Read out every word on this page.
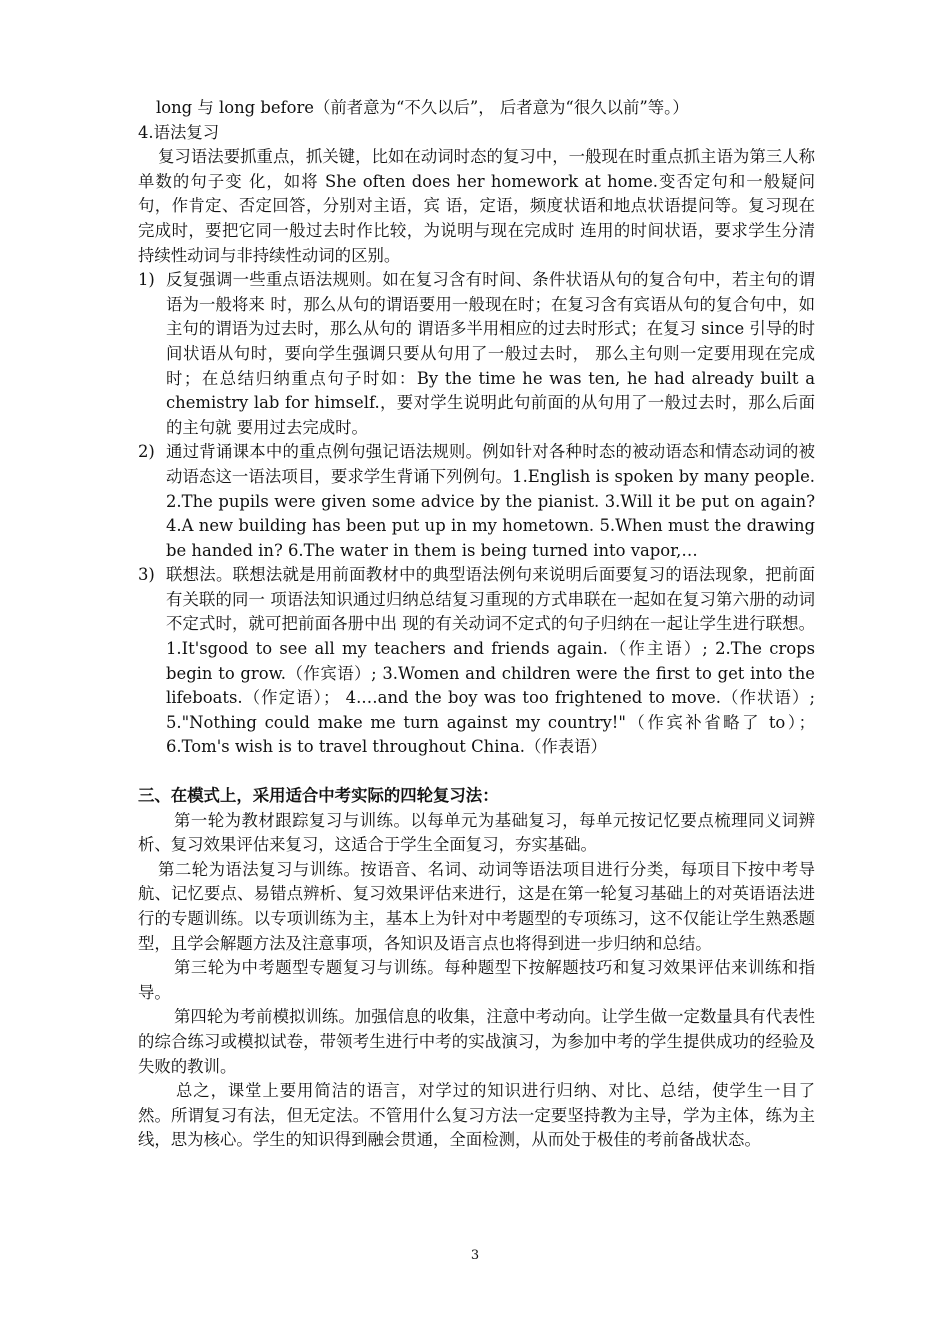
long 与 long before（前者意为“不久以后”， 后者意为“很久以前”等。）

4.语法复习

复习语法要抓重点，抓关键，比如在动词时态的复习中，一般现在时重点抓主语为第三人称单数的句子变 化，如将 She often does her homework at home.变否定句和一般疑问句，作肯定、否定回答，分别对主语，宾 语，定语，频度状语和地点状语提问等。复习现在完成时，要把它同一般过去时作比较，为说明与现在完成时 连用的时间状语，要求学生分清持续性动词与非持续性动词的区别。

1) 反复强调一些重点语法规则。如在复习含有时间、条件状语从句的复合句中，若主句的谓语为一般将来 时，那么从句的谓语要用一般现在时；在复习含有宾语从句的复合句中，如主句的谓语为过去时，那么从句的 谓语多半用相应的过去时形式；在复习 since 引导的时间状语从句时，要向学生强调只要从句用了一般过去时， 那么主句则一定要用现在完成时；在总结归纳重点句子时如：By the time he was ten, he had already built a chemistry lab for himself.，要对学生说明此句前面的从句用了一般过去时，那么后面的主句就 要用过去完成时。
2) 通过背诵课本中的重点例句强记语法规则。例如针对各种时态的被动语态和情态动词的被动语态这一语法项目，要求学生背诵下列例句。1.English is spoken by many people. 2.The pupils were given some advice by the pianist. 3.Will it be put on again? 4.A new building has been put up in my hometown. 5.When must the drawing be handed in? 6.The water in them is being turned into vapor,…
3) 联想法。联想法就是用前面教材中的典型语法例句来说明后面要复习的语法现象，把前面有关联的同一 项语法知识通过归纳总结复习重现的方式串联在一起如在复习第六册的动词不定式时，就可把前面各册中出 现的有关动词不定式的句子归纳在一起让学生进行联想。1.It'sgood to see all my teachers and friends again.（作主语）; 2.The crops begin to grow.（作宾语）; 3.Women and children were the first to get into the lifeboats.（作定语）； 4.…and the boy was too frightened to move.（作状语）; 5."Nothing could make me turn against my country!"（作宾补省略了 to）； 6.Tom's wish is to travel throughout China.（作表语）

三、在模式上，采用适合中考实际的四轮复习法：

第一轮为教材跟踪复习与训练。以每单元为基础复习，每单元按记忆要点梳理同义词辨析、复习效果评估来复习，这适合于学生全面复习，夯实基础。

第二轮为语法复习与训练。按语音、名词、动词等语法项目进行分类，每项目下按中考导航、记忆要点、易错点辨析、复习效果评估来进行，这是在第一轮复习基础上的对英语语法进行的专题训练。以专项训练为主，基本上为针对中考题型的专项练习，这不仅能让学生熟悉题型，且学会解题方法及注意事项，各知识及语言点也将得到进一步归纳和总结。

第三轮为中考题型专题复习与训练。每种题型下按解题技巧和复习效果评估来训练和指导。

第四轮为考前模拟训练。加强信息的收集，注意中考动向。让学生做一定数量具有代表性的综合练习或模拟试卷，带领考生进行中考的实战演习，为参加中考的学生提供成功的经验及失败的教训。

总之，课堂上要用简洁的语言，对学过的知识进行归纳、对比、总结，使学生一目了然。所谓复习有法，但无定法。不管用什么复习方法一定要坚持教为主导，学为主体，练为主线，思为核心。学生的知识得到融会贯通，全面检测，从而处于极佳的考前备战状态。

3
